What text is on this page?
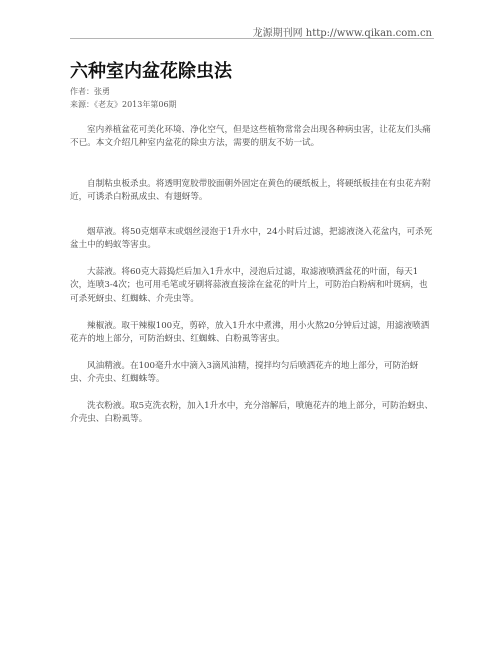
龙源期刊网 http://www.qikan.com.cn
六种室内盆花除虫法
作者：张勇
来源：《老友》2013年第06期

室内养植盆花可美化环境、净化空气，但是这些植物常常会出现各种病虫害，让花友们头痛不已。本文介绍几种室内盆花的除虫方法，需要的朋友不妨一试。

自制粘虫板杀虫。将透明宽胶带胶面朝外固定在黄色的硬纸板上，将硬纸板挂在有虫花卉附近，可诱杀白粉虱成虫、有翅蚜等。

烟草液。将50克烟草末或烟丝浸泡于1升水中，24小时后过滤，把滤液浇入花盆内，可杀死盆土中的蚂蚁等害虫。

大蒜液。将60克大蒜捣烂后加入1升水中，浸泡后过滤，取滤液喷洒盆花的叶面，每天1次，连喷3-4次；也可用毛笔或牙刷将蒜液直接涂在盆花的叶片上，可防治白粉病和叶斑病，也可杀死蚜虫、红蜘蛛、介壳虫等。

辣椒液。取干辣椒100克，剪碎，放入1升水中煮沸，用小火熬20分钟后过滤，用滤液喷洒花卉的地上部分，可防治蚜虫、红蜘蛛、白粉虱等害虫。

风油精液。在100毫升水中滴入3滴风油精，搅拌均匀后喷洒花卉的地上部分，可防治蚜虫、介壳虫、红蜘蛛等。

洗衣粉液。取5克洗衣粉，加入1升水中，充分溶解后，喷施花卉的地上部分，可防治蚜虫、介壳虫、白粉虱等。
